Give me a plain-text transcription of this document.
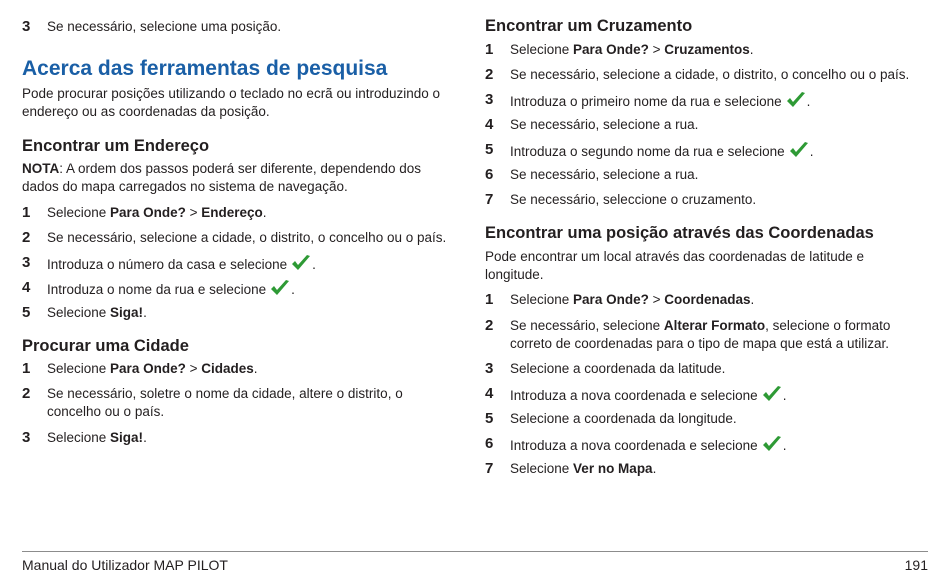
3 Se necessário, selecione uma posição.
Acerca das ferramentas de pesquisa
Pode procurar posições utilizando o teclado no ecrã ou introduzindo o endereço ou as coordenadas da posição.
Encontrar um Endereço
NOTA: A ordem dos passos poderá ser diferente, dependendo dos dados do mapa carregados no sistema de navegação.
1 Selecione Para Onde? > Endereço.
2 Se necessário, selecione a cidade, o distrito, o concelho ou o país.
3 Introduza o número da casa e selecione .
4 Introduza o nome da rua e selecione .
5 Selecione Siga!.
Procurar uma Cidade
1 Selecione Para Onde? > Cidades.
2 Se necessário, soletre o nome da cidade, altere o distrito, o concelho ou o país.
3 Selecione Siga!.
Encontrar um Cruzamento
1 Selecione Para Onde? > Cruzamentos.
2 Se necessário, selecione a cidade, o distrito, o concelho ou o país.
3 Introduza o primeiro nome da rua e selecione .
4 Se necessário, selecione a rua.
5 Introduza o segundo nome da rua e selecione .
6 Se necessário, selecione a rua.
7 Se necessário, seleccione o cruzamento.
Encontrar uma posição através das Coordenadas
Pode encontrar um local através das coordenadas de latitude e longitude.
1 Selecione Para Onde? > Coordenadas.
2 Se necessário, selecione Alterar Formato, selecione o formato correto de coordenadas para o tipo de mapa que está a utilizar.
3 Selecione a coordenada da latitude.
4 Introduza a nova coordenada e selecione .
5 Selecione a coordenada da longitude.
6 Introduza a nova coordenada e selecione .
7 Selecione Ver no Mapa.
Manual do Utilizador MAP PILOT	191
